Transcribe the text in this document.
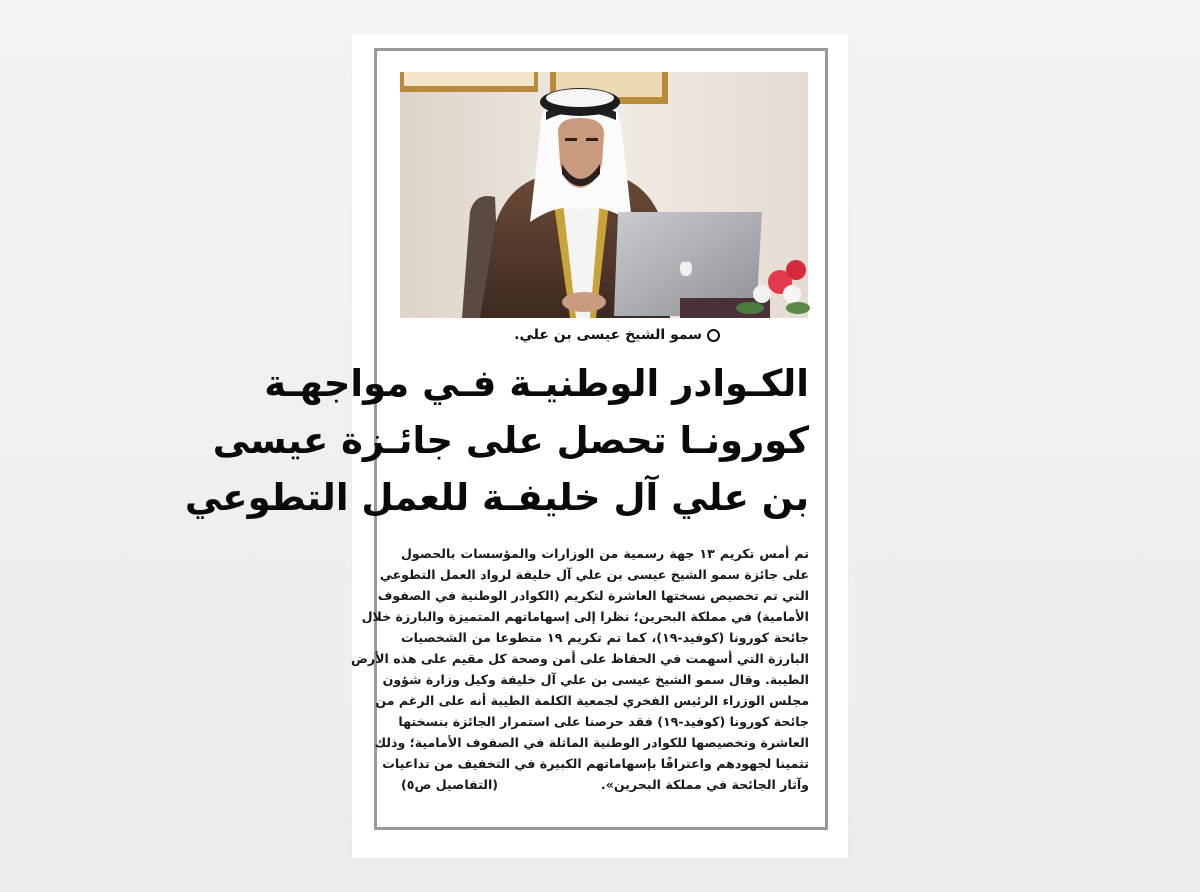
سمو الشيخ عيسى بن علي.
الكـوادر الوطنيـة فـي مواجهـة
كورونـا تحصل على جائـزة عيسى
بن علي آل خليفـة للعمل التطوعي
تم أمس تكريم ١٣ جهة رسمية من الوزارات والمؤسسات بالحصول
على جائزة سمو الشيخ عيسى بن علي آل خليفة لرواد العمل التطوعي
التي تم تخصيص نسختها العاشرة لتكريم (الكوادر الوطنية في الصفوف
الأمامية) في مملكة البحرين؛ نظرا إلى إسهاماتهم المتميزة والبارزة خلال
جائحة كورونا (كوفيد-١٩)، كما تم تكريم ١٩ متطوعا من الشخصيات
البارزة التي أسهمت في الحفاظ على أمن وصحة كل مقيم على هذه الأرض
الطيبة. وقال سمو الشيخ عيسى بن علي آل خليفة وكيل وزارة شؤون
مجلس الوزراء الرئيس الفخري لجمعية الكلمة الطيبة أنه على الرغم من
جائحة كورونا (كوفيد-١٩) فقد حرصنا على استمرار الجائزة بنسختها
العاشرة وتخصيصها للكوادر الوطنية الماثلة في الصفوف الأمامية؛ وذلك
تثمينا لجهودهم واعترافًا بإسهاماتهم الكبيرة في التخفيف من تداعيات
وآثار الجائحة في مملكة البحرين».
(التفاصيل ص٥)
